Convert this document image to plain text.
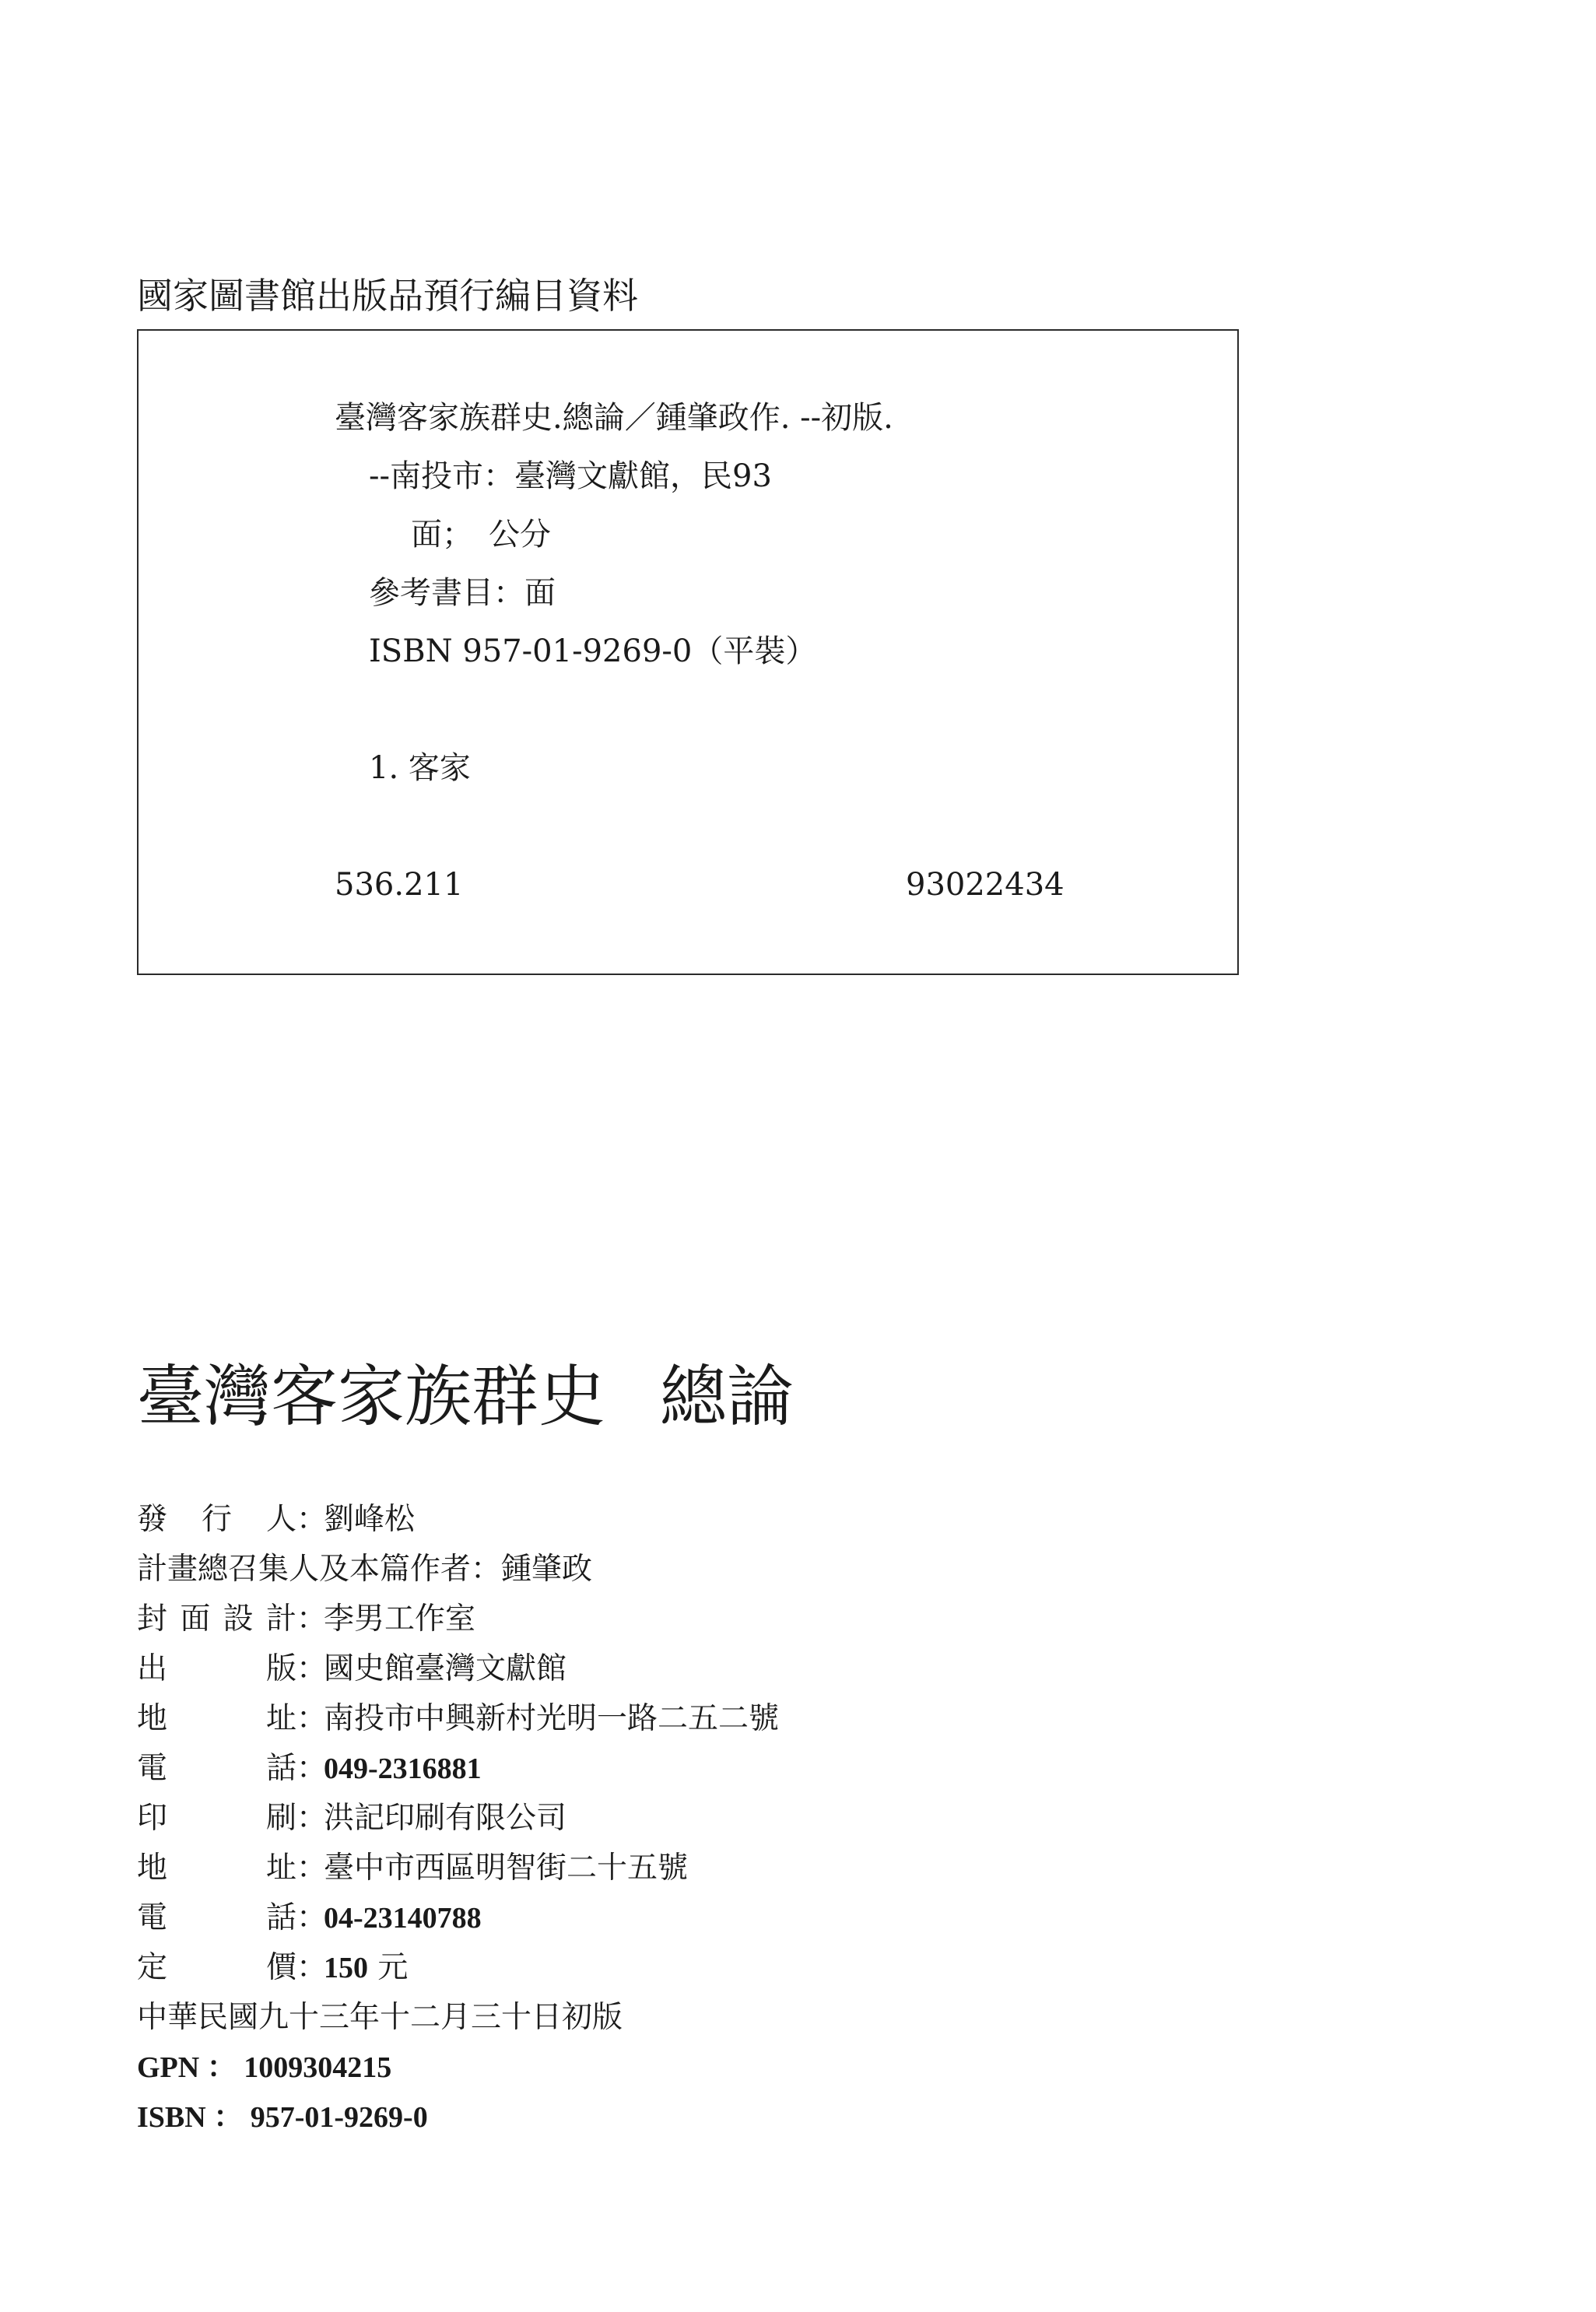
國家圖書館出版品預行編目資料
臺灣客家族群史.總論／鍾肇政作. --初版.
--南投市：臺灣文獻館，民93
面；　公分
參考書目：面
ISBN 957-01-9269-0（平裝）
1. 客家
536.211	93022434
臺灣客家族群史 總論
發 行 人 ：
劉峰松
計畫總召集人及本篇作者：鍾肇政
封 面 設 計 ：
李男工作室
出	版 ：
國史館臺灣文獻館
地	址 ：
南投市中興新村光明一路二五二號
電	話 ：
049-2316881
印	刷 ：
洪記印刷有限公司
地	址 ：
臺中市西區明智街二十五號
電	話 ：
04-23140788
定	價 ：
150 元
中華民國九十三年十二月三十日初版
GPN ： 1009304215
ISBN ： 957-01-9269-0
